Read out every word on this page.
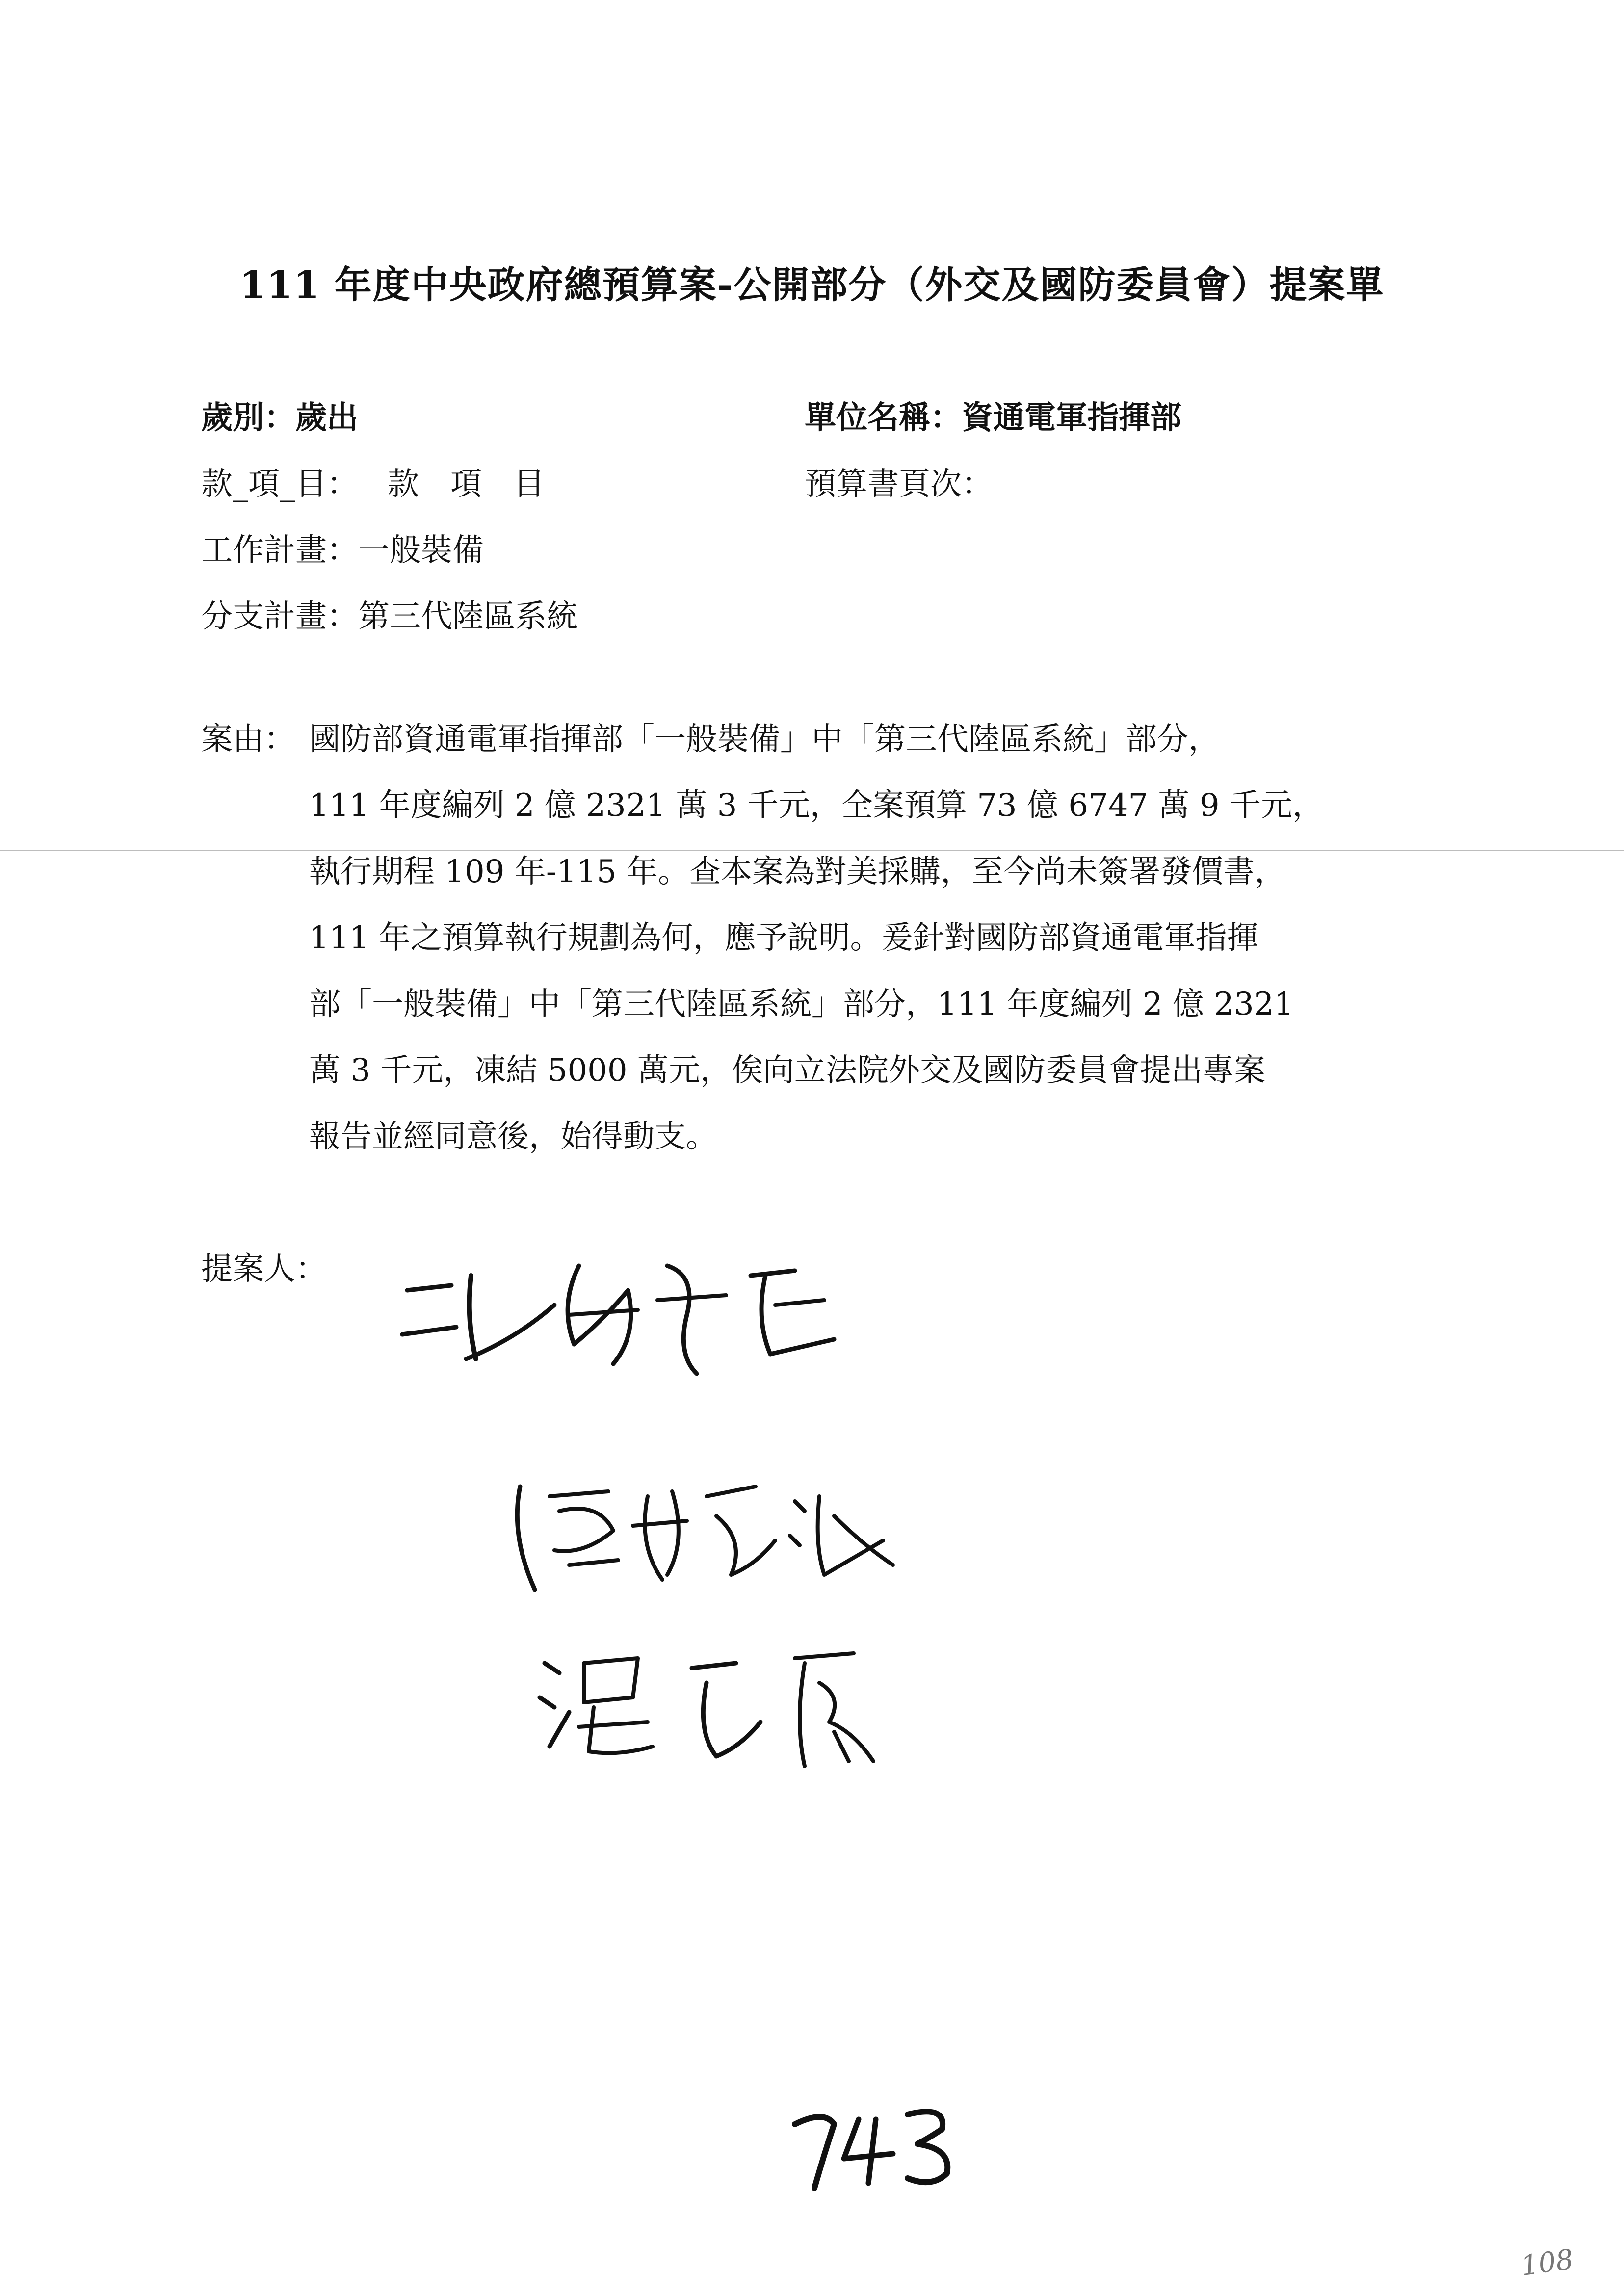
111 年度中央政府總預算案-公開部分（外交及國防委員會）提案單
歲別：歲出	單位名稱：資通電軍指揮部
款_項_目： 款　項　目	預算書頁次：
工作計畫：一般裝備
分支計畫：第三代陸區系統
案由： 國防部資通電軍指揮部「一般裝備」中「第三代陸區系統」部分，
111 年度編列 2 億 2321 萬 3 千元，全案預算 73 億 6747 萬 9 千元，
執行期程 109 年-115 年。查本案為對美採購，至今尚未簽署發價書，
111 年之預算執行規劃為何，應予說明。爰針對國防部資通電軍指揮
部「一般裝備」中「第三代陸區系統」部分，111 年度編列 2 億 2321
萬 3 千元，凍結 5000 萬元，俟向立法院外交及國防委員會提出專案
報告並經同意後，始得動支。
提案人：
108
